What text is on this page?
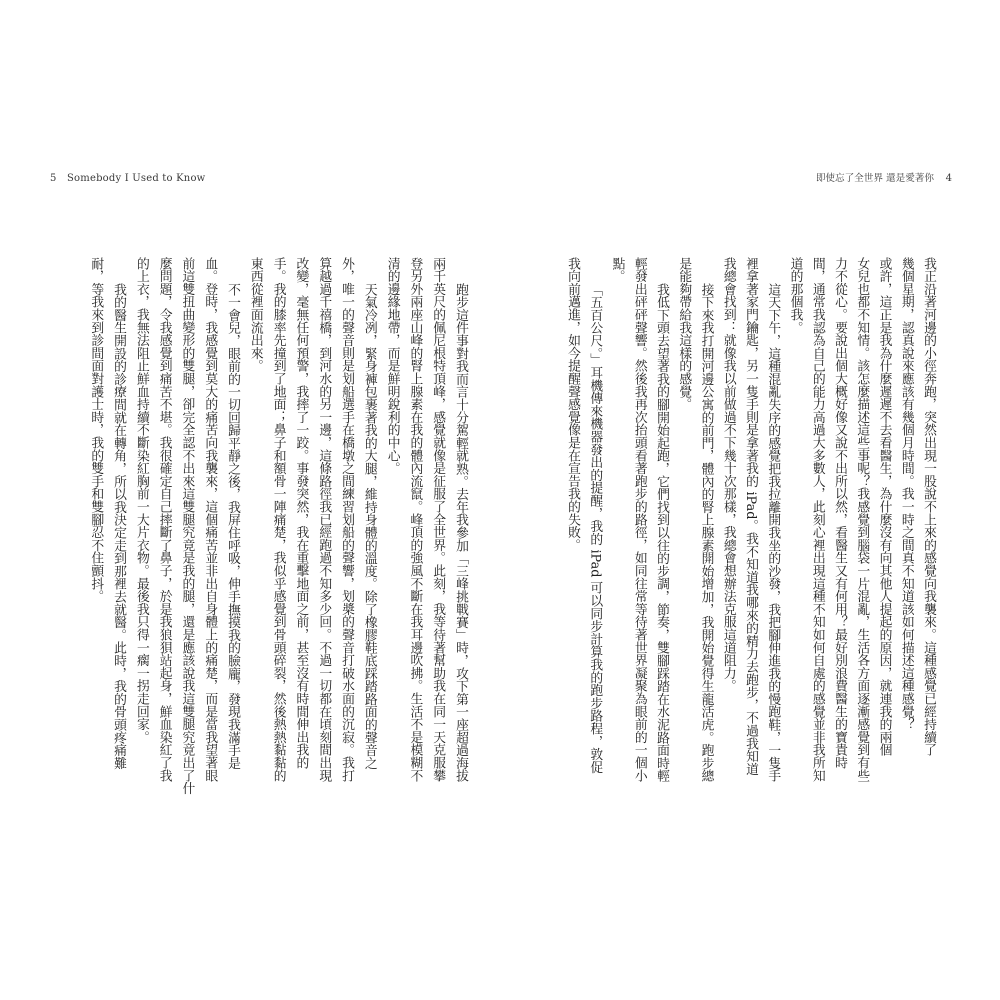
5 Somebody I Used to Know	即使忘了全世界 還是愛著你 4
我正沿著河邊的小徑奔跑，突然出現一股說不上來的感覺向我襲來。這種感覺已經持續了
幾個星期，認真說來應該有幾個月時間。我一時之間真不知道該如何描述這種感覺？
或許，這正是我為什麼遲遲不去看醫生，為什麼沒有向其他人提起的原因，就連我的兩個
女兒也都不知情。該怎麼描述這些事呢？我感覺到腦袋一片混亂，生活各方面逐漸感覺到有些
力不從心。要說出個大概好像又說不出所以然，看醫生又有何用？最好別浪費醫生的寶貴時
間，通常我認為自己的能力高過大多數人，此刻心裡出現這種不知如何自處的感覺並非我所知
道的那個我。
這天下午，這種混亂失序的感覺把我拉離開我坐的沙發，我把腳伸進我的慢跑鞋，一隻手
裡拿著家門鑰匙，另一隻手則是拿著我的 iPad。我不知道我哪來的精力去跑步，不過我知道
我總會找到：就像我以前做過不下幾十次那樣，我總會想辦法克服這道阻力。
接下來我打開河邊公寓的前門，體內的腎上腺素開始增加，我開始覺得生龍活虎。跑步總
是能夠帶給我這樣的感覺。
我低下頭去望著我的腳開始起跑，它們找到以往的步調，節奏，雙腳踩踏在水泥路面時輕
輕發出砰砰聲響。然後我再次抬頭看著跑步的路徑，如同往常等待著世界凝聚為眼前的一個小
點。
「五百公尺。」耳機傳來機器發出的提醒，我的 iPad 可以同步計算我的跑步路程，敦促
我向前邁進，如今提醒聲感覺像是在宣告我的失敗。
跑步這件事對我而言十分駕輕就熟。去年我參加「三峰挑戰賽」時，攻下第一座超過海拔
兩千英尺的佩尼根特頂峰，感覺就像是征服了全世界。此刻，我等待著幫助我在同一天克服攀
登另外兩座山峰的腎上腺素在我的體內流竄。峰頂的強風不斷在我耳邊吹拂。生活不是模糊不
清的邊緣地帶，而是鮮明銳利的中心。
天氣冷冽，緊身褲包裹著我的大腿，維持身體的溫度。除了橡膠鞋底踩踏路面的聲音之
外，唯一的聲音則是划船選手在橋墩之間練習划船的聲響，划槳的聲音打破水面的沉寂。我打
算越過千禧橋，到河水的另一邊，這條路徑我已經跑過不知多少回。不過一切都在頃刻間出現
改變，毫無任何預警，我摔了一跤。事發突然，我在重擊地面之前，甚至沒有時間伸出我的
手。我的膝率先撞到了地面；鼻子和額骨一陣痛楚，我似乎感覺到骨頭碎裂，然後熱熱黏黏的
東西從裡面流出來。
不一會兒，眼前的一切回歸平靜之後，我屏住呼吸，伸手撫摸我的臉龐，發現我滿手是
血。登時，我感覺到莫大的痛苦向我襲來，這個痛苦並非出自身體上的痛楚，而是當我望著眼
前這雙扭曲變形的雙腿，卻完全認不出來這雙腿究竟是我的腿，還是應該說我這雙腿究竟出了什
麼問題，令我感覺到痛苦不堪。我很確定自己摔斷了鼻子，於是我狼狽站起身，鮮血染紅了我
的上衣，我無法阻止鮮血持續不斷染紅胸前一大片衣物。最後我只得一瘸一拐走回家。
我的醫生開設的診療間就在轉角，所以我決定走到那裡去就醫。此時，我的骨頭疼痛難
耐，等我來到診間面對護士時，我的雙手和雙腳忍不住顫抖。
